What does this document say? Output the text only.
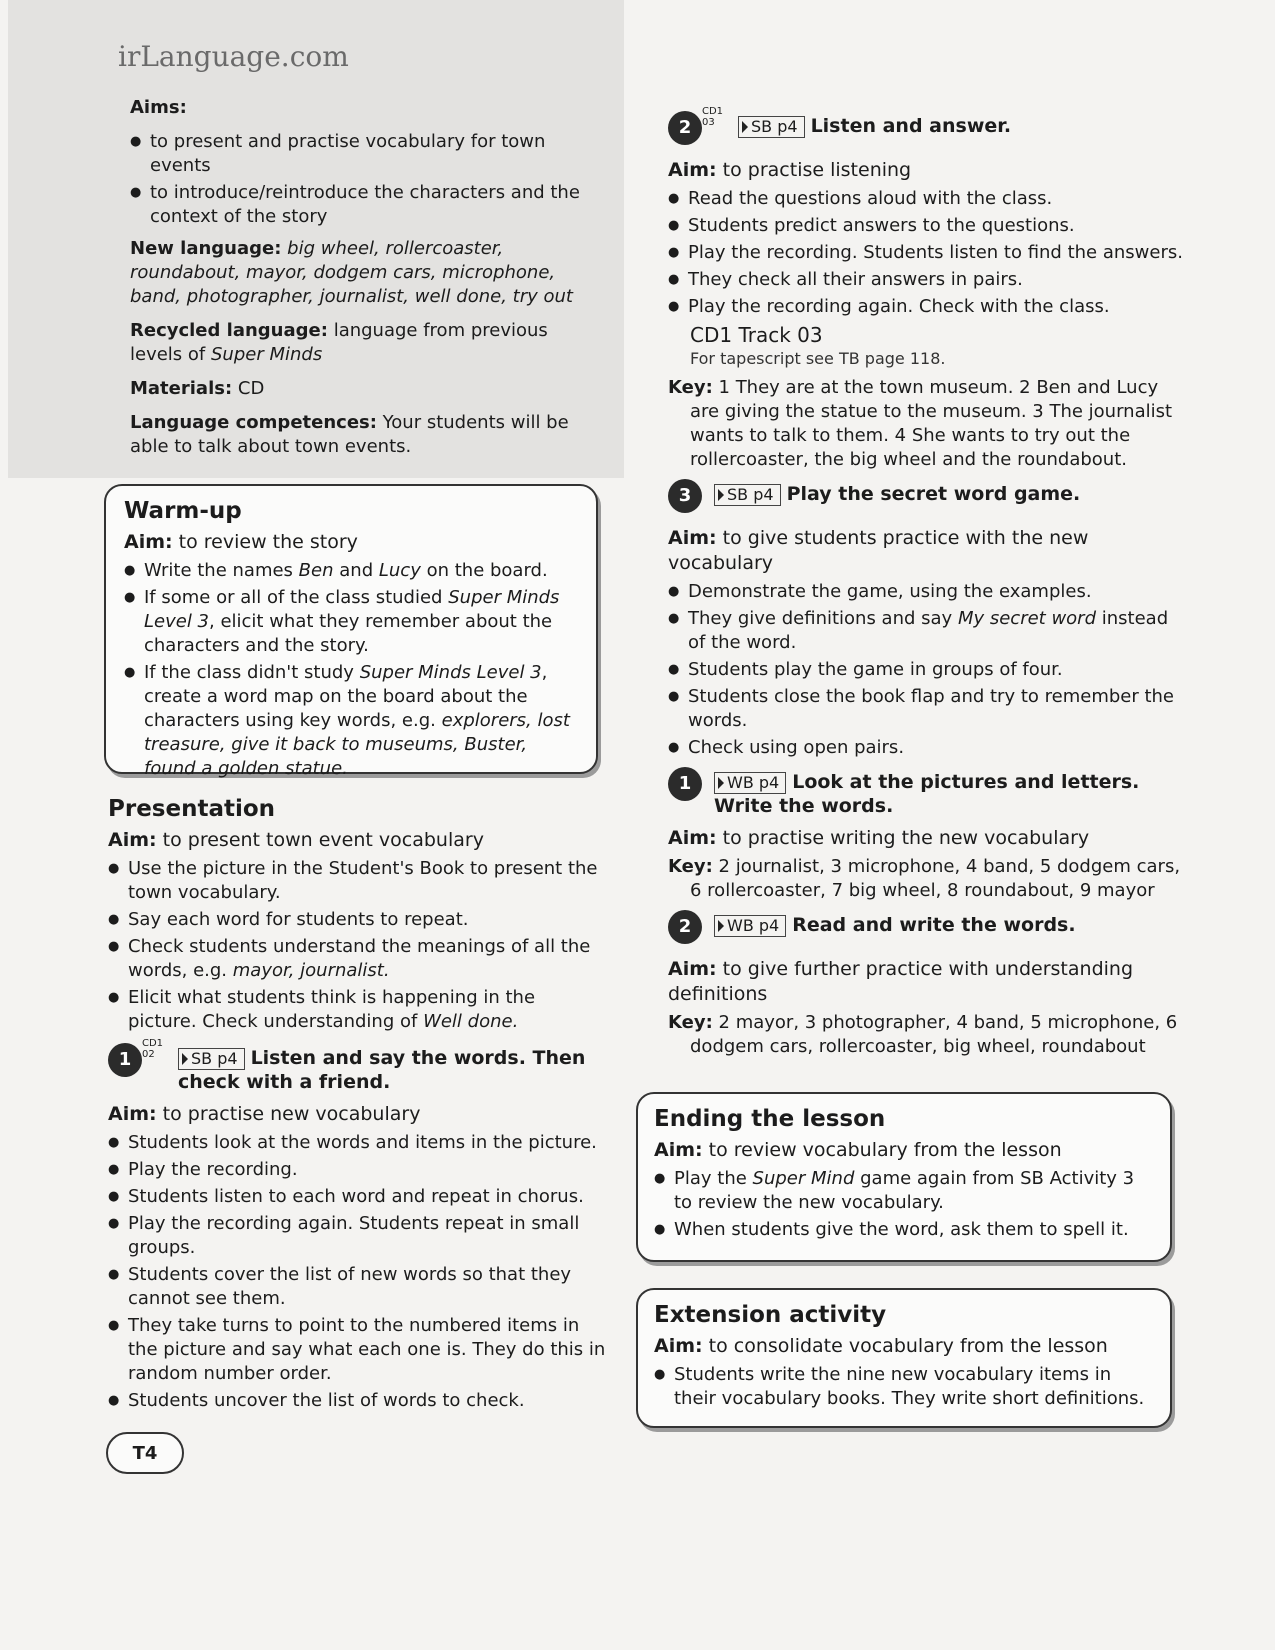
irLanguage.com
Aims:
● to present and practise vocabulary for town events
● to introduce/reintroduce the characters and the context of the story

New language: big wheel, rollercoaster, roundabout, mayor, dodgem cars, microphone, band, photographer, journalist, well done, try out

Recycled language: language from previous levels of Super Minds

Materials: CD

Language competences: Your students will be able to talk about town events.

Warm-up

Aim: to review the story

● Write the names Ben and Lucy on the board.
● If some or all of the class studied Super Minds Level 3, elicit what they remember about the characters and the story.
● If the class didn't study Super Minds Level 3, create a word map on the board about the characters using key words, e.g. explorers, lost treasure, give it back to museums, Buster, found a golden statue.
Presentation

Aim: to present town event vocabulary

● Use the picture in the Student's Book to present the town vocabulary.
● Say each word for students to repeat.
● Check students understand the meanings of all the words, e.g. mayor, journalist.
● Elicit what students think is happening in the picture. Check understanding of Well done.
1
CD1
02	SB p4 Listen and say the words. Then check with a friend.

Aim: to practise new vocabulary

● Students look at the words and items in the picture.
● Play the recording.
● Students listen to each word and repeat in chorus.
● Play the recording again. Students repeat in small groups.
● Students cover the list of new words so that they cannot see them.
● They take turns to point to the numbered items in the picture and say what each one is. They do this in random number order.
● Students uncover the list of words to check.
T4
2
CD1
03	SB p4 Listen and answer.

Aim: to practise listening

● Read the questions aloud with the class.
● Students predict answers to the questions.
● Play the recording. Students listen to find the answers.
● They check all their answers in pairs.
● Play the recording again. Check with the class.
CD1 Track 03
For tapescript see TB page 118.

Key: 1 They are at the town museum. 2 Ben and Lucy are giving the statue to the museum. 3 The journalist wants to talk to them. 4 She wants to try out the rollercoaster, the big wheel and the roundabout.

3	SB p4 Play the secret word game.

Aim: to give students practice with the new vocabulary

● Demonstrate the game, using the examples.
● They give definitions and say My secret word instead of the word.
● Students play the game in groups of four.
● Students close the book flap and try to remember the words.
● Check using open pairs.
1	WB p4 Look at the pictures and letters. Write the words.

Aim: to practise writing the new vocabulary

Key: 2 journalist, 3 microphone, 4 band, 5 dodgem cars, 6 rollercoaster, 7 big wheel, 8 roundabout, 9 mayor

2	WB p4 Read and write the words.

Aim: to give further practice with understanding definitions

Key: 2 mayor, 3 photographer, 4 band, 5 microphone, 6 dodgem cars, rollercoaster, big wheel, roundabout

Ending the lesson

Aim: to review vocabulary from the lesson

● Play the Super Mind game again from SB Activity 3 to review the new vocabulary.
● When students give the word, ask them to spell it.
Extension activity

Aim: to consolidate vocabulary from the lesson

● Students write the nine new vocabulary items in their vocabulary books. They write short definitions.
